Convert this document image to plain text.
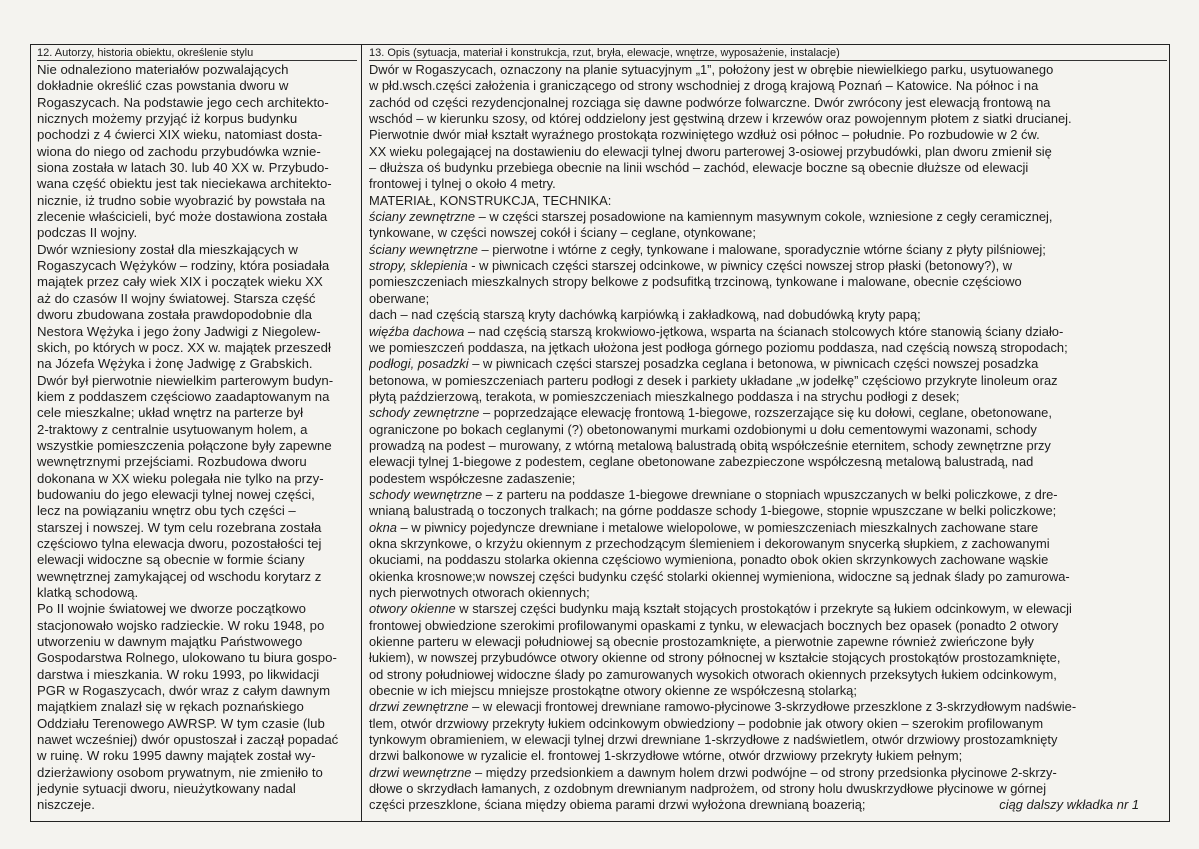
12. Autorzy, historia obiektu, określenie stylu
Nie odnaleziono materiałów pozwalających
dokładnie określić czas powstania dworu w
Rogaszycach. Na podstawie jego cech architekto-
nicznych możemy przyjąć iż korpus budynku
pochodzi z 4 ćwierci XIX wieku, natomiast dosta-
wiona do niego od zachodu przybudówka wznie-
siona została w latach 30. lub 40 XX w. Przybudo-
wana część obiektu jest tak nieciekawa architekto-
nicznie, iż trudno sobie wyobrazić by powstała na
zlecenie właścicieli, być może dostawiona została
podczas II wojny.
Dwór wzniesiony został dla mieszkających w
Rogaszycach Wężyków – rodziny, która posiadała
majątek przez cały wiek XIX i początek wieku XX
aż do czasów II wojny światowej. Starsza część
dworu zbudowana została prawdopodobnie dla
Nestora Wężyka i jego żony Jadwigi z Niegolew-
skich, po których w pocz. XX w. majątek przeszedł
na Józefa Wężyka i żonę Jadwigę z Grabskich.
Dwór był pierwotnie niewielkim parterowym budyn-
kiem z poddaszem częściowo zaadaptowanym na
cele mieszkalne; układ wnętrz na parterze był
2-traktowy z centralnie usytuowanym holem, a
wszystkie pomieszczenia połączone były zapewne
wewnętrznymi przejściami. Rozbudowa dworu
dokonana w XX wieku polegała nie tylko na przy-
budowaniu do jego elewacji tylnej nowej części,
lecz na powiązaniu wnętrz obu tych części –
starszej i nowszej. W tym celu rozebrana została
częściowo tylna elewacja dworu, pozostałości tej
elewacji widoczne są obecnie w formie ściany
wewnętrznej zamykającej od wschodu korytarz z
klatką schodową.
Po II wojnie światowej we dworze początkowo
stacjonowało wojsko radzieckie. W roku 1948, po
utworzeniu w dawnym majątku Państwowego
Gospodarstwa Rolnego, ulokowano tu biura gospo-
darstwa i mieszkania. W roku 1993, po likwidacji
PGR w Rogaszycach, dwór wraz z całym dawnym
majątkiem znalazł się w rękach poznańskiego
Oddziału Terenowego AWRSP. W tym czasie (lub
nawet wcześniej) dwór opustoszał i zaczął popadać
w ruinę. W roku 1995 dawny majątek został wy-
dzierżawiony osobom prywatnym, nie zmieniło to
jedynie sytuacji dworu, nieużytkowany nadal
niszczeje.
13. Opis (sytuacja, materiał i konstrukcja, rzut, bryła, elewacje, wnętrze, wyposażenie, instalacje)
Dwór w Rogaszycach, oznaczony na planie sytuacyjnym „1”, położony jest w obrębie niewielkiego parku, usytuowanego
w płd.wsch.części założenia i graniczącego od strony wschodniej z drogą krajową Poznań – Katowice. Na północ i na
zachód od części rezydencjonalnej rozciąga się dawne podwórze folwarczne. Dwór zwrócony jest elewacją frontową na
wschód – w kierunku szosy, od której oddzielony jest gęstwiną drzew i krzewów oraz powojennym płotem z siatki drucianej.
Pierwotnie dwór miał kształt wyraźnego prostokąta rozwiniętego wzdłuż osi północ – południe. Po rozbudowie w 2 ćw.
XX wieku polegającej na dostawieniu do elewacji tylnej dworu parterowej 3-osiowej przybudówki, plan dworu zmienił się
– dłuższa oś budynku przebiega obecnie na linii wschód – zachód, elewacje boczne są obecnie dłuższe od elewacji
frontowej i tylnej o około 4 metry.
MATERIAŁ, KONSTRUKCJA, TECHNIKA:
ściany zewnętrzne – w części starszej posadowione na kamiennym masywnym cokole, wzniesione z cegły ceramicznej,
tynkowane, w części nowszej cokół i ściany – ceglane, otynkowane;
ściany wewnętrzne – pierwotne i wtórne z cegły, tynkowane i malowane, sporadycznie wtórne ściany z płyty pilśniowej;
stropy, sklepienia - w piwnicach części starszej odcinkowe, w piwnicy części nowszej strop płaski (betonowy?), w
pomieszczeniach mieszkalnych stropy belkowe z podsufitką trzcinową, tynkowane i malowane, obecnie częściowo
oberwane;
dach – nad częścią starszą kryty dachówką karpiówką i zakładkową, nad dobudówką kryty papą;
więźba dachowa – nad częścią starszą krokwiowo-jętkowa, wsparta na ścianach stolcowych które stanowią ściany działo-
we pomieszczeń poddasza, na jętkach ułożona jest podłoga górnego poziomu poddasza, nad częścią nowszą stropodach;
podłogi, posadzki – w piwnicach części starszej posadzka ceglana i betonowa, w piwnicach części nowszej posadzka
betonowa, w pomieszczeniach parteru podłogi z desek i parkiety układane „w jodełkę” częściowo przykryte linoleum oraz
płytą paździerzową, terakota, w pomieszczeniach mieszkalnego poddasza i na strychu podłogi z desek;
schody zewnętrzne – poprzedzające elewację frontową 1-biegowe, rozszerzające się ku dołowi, ceglane, obetonowane,
ograniczone po bokach ceglanymi (?) obetonowanymi murkami ozdobionymi u dołu cementowymi wazonami, schody
prowadzą na podest – murowany, z wtórną metalową balustradą obitą współcześnie eternitem, schody zewnętrzne przy
elewacji tylnej 1-biegowe z podestem, ceglane obetonowane zabezpieczone współczesną metalową balustradą, nad
podestem współczesne zadaszenie;
schody wewnętrzne – z parteru na poddasze 1-biegowe drewniane o stopniach wpuszczanych w belki policzkowe, z dre-
wnianą balustradą o toczonych tralkach; na górne poddasze schody 1-biegowe, stopnie wpuszczane w belki policzkowe;
okna – w piwnicy pojedyncze drewniane i metalowe wielopolowe, w pomieszczeniach mieszkalnych zachowane stare
okna skrzynkowe, o krzyżu okiennym z przechodzącym ślemieniem i dekorowanym snycerką słupkiem, z zachowanymi
okuciami, na poddaszu stolarka okienna częściowo wymieniona, ponadto obok okien skrzynkowych zachowane wąskie
okienka krosnowe;w nowszej części budynku część stolarki okiennej wymieniona, widoczne są jednak ślady po zamurowa-
nych pierwotnych otworach okiennych;
otwory okienne w starszej części budynku mają kształt stojących prostokątów i przekryte są łukiem odcinkowym, w elewacji
frontowej obwiedzione szerokimi profilowanymi opaskami z tynku, w elewacjach bocznych bez opasek (ponadto 2 otwory
okienne parteru w elewacji południowej są obecnie prostozamknięte, a pierwotnie zapewne również zwieńczone były
łukiem), w nowszej przybudówce otwory okienne od strony północnej w kształcie stojących prostokątów prostozamknięte,
od strony południowej widoczne ślady po zamurowanych wysokich otworach okiennych przeksytych łukiem odcinkowym,
obecnie w ich miejscu mniejsze prostokątne otwory okienne ze współczesną stolarką;
drzwi zewnętrzne – w elewacji frontowej drewniane ramowo-płycinowe 3-skrzydłowe przeszklone z 3-skrzydłowym nadświe-
tlem, otwór drzwiowy przekryty łukiem odcinkowym obwiedziony – podobnie jak otwory okien – szerokim profilowanym
tynkowym obramieniem, w elewacji tylnej drzwi drewniane 1-skrzydłowe z nadświetlem, otwór drzwiowy prostozamknięty
drzwi balkonowe w ryzalicie el. frontowej 1-skrzydłowe wtórne, otwór drzwiowy przekryty łukiem pełnym;
drzwi wewnętrzne – między przedsionkiem a dawnym holem drzwi podwójne – od strony przedsionka płycinowe 2-skrzy-
dłowe o skrzydłach łamanych, z ozdobnym drewnianym nadprożem, od strony holu dwuskrzydłowe płycinowe w górnej
części przeszklone, ściana między obiema parami drzwi wyłożona drewnianą boazerią;	ciąg dalszy wkładka nr 1
